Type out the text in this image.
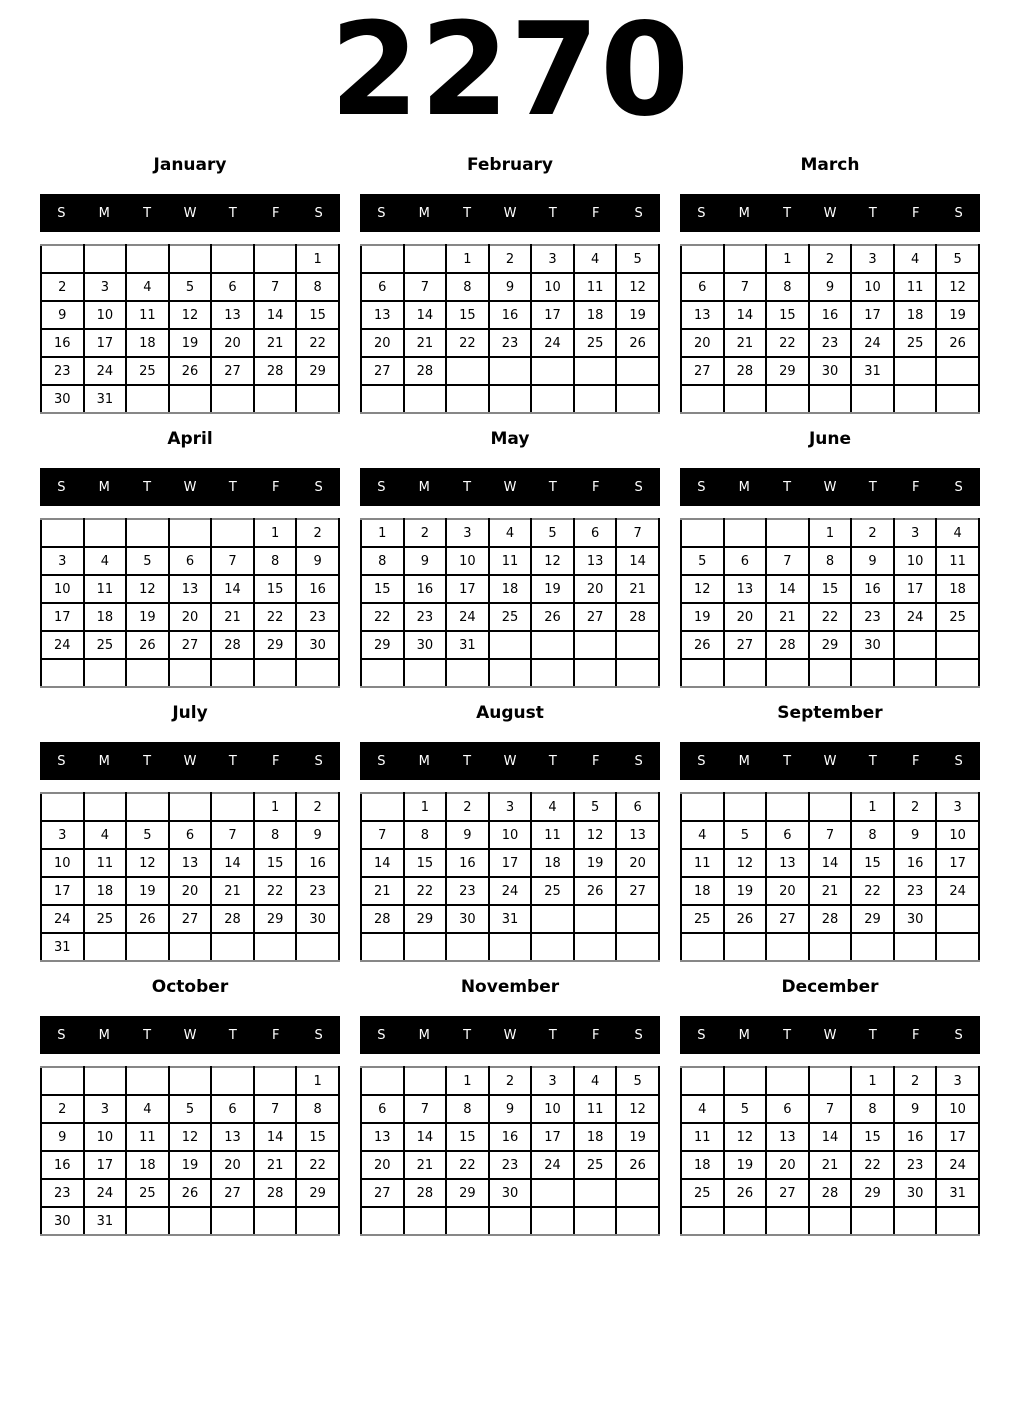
2270
January
S	M	T	W	T	F	S
						1
2	3	4	5	6	7	8
9	10	11	12	13	14	15
16	17	18	19	20	21	22
23	24	25	26	27	28	29
30	31					
February
S	M	T	W	T	F	S
		1	2	3	4	5
6	7	8	9	10	11	12
13	14	15	16	17	18	19
20	21	22	23	24	25	26
27	28					

March
S	M	T	W	T	F	S
		1	2	3	4	5
6	7	8	9	10	11	12
13	14	15	16	17	18	19
20	21	22	23	24	25	26
27	28	29	30	31		

April
S	M	T	W	T	F	S
					1	2
3	4	5	6	7	8	9
10	11	12	13	14	15	16
17	18	19	20	21	22	23
24	25	26	27	28	29	30

May
S	M	T	W	T	F	S
1	2	3	4	5	6	7
8	9	10	11	12	13	14
15	16	17	18	19	20	21
22	23	24	25	26	27	28
29	30	31				

June
S	M	T	W	T	F	S
			1	2	3	4
5	6	7	8	9	10	11
12	13	14	15	16	17	18
19	20	21	22	23	24	25
26	27	28	29	30		

July
S	M	T	W	T	F	S
					1	2
3	4	5	6	7	8	9
10	11	12	13	14	15	16
17	18	19	20	21	22	23
24	25	26	27	28	29	30
31						
August
S	M	T	W	T	F	S
	1	2	3	4	5	6
7	8	9	10	11	12	13
14	15	16	17	18	19	20
21	22	23	24	25	26	27
28	29	30	31			

September
S	M	T	W	T	F	S
				1	2	3
4	5	6	7	8	9	10
11	12	13	14	15	16	17
18	19	20	21	22	23	24
25	26	27	28	29	30	

October
S	M	T	W	T	F	S
						1
2	3	4	5	6	7	8
9	10	11	12	13	14	15
16	17	18	19	20	21	22
23	24	25	26	27	28	29
30	31					
November
S	M	T	W	T	F	S
		1	2	3	4	5
6	7	8	9	10	11	12
13	14	15	16	17	18	19
20	21	22	23	24	25	26
27	28	29	30			

December
S	M	T	W	T	F	S
				1	2	3
4	5	6	7	8	9	10
11	12	13	14	15	16	17
18	19	20	21	22	23	24
25	26	27	28	29	30	31
